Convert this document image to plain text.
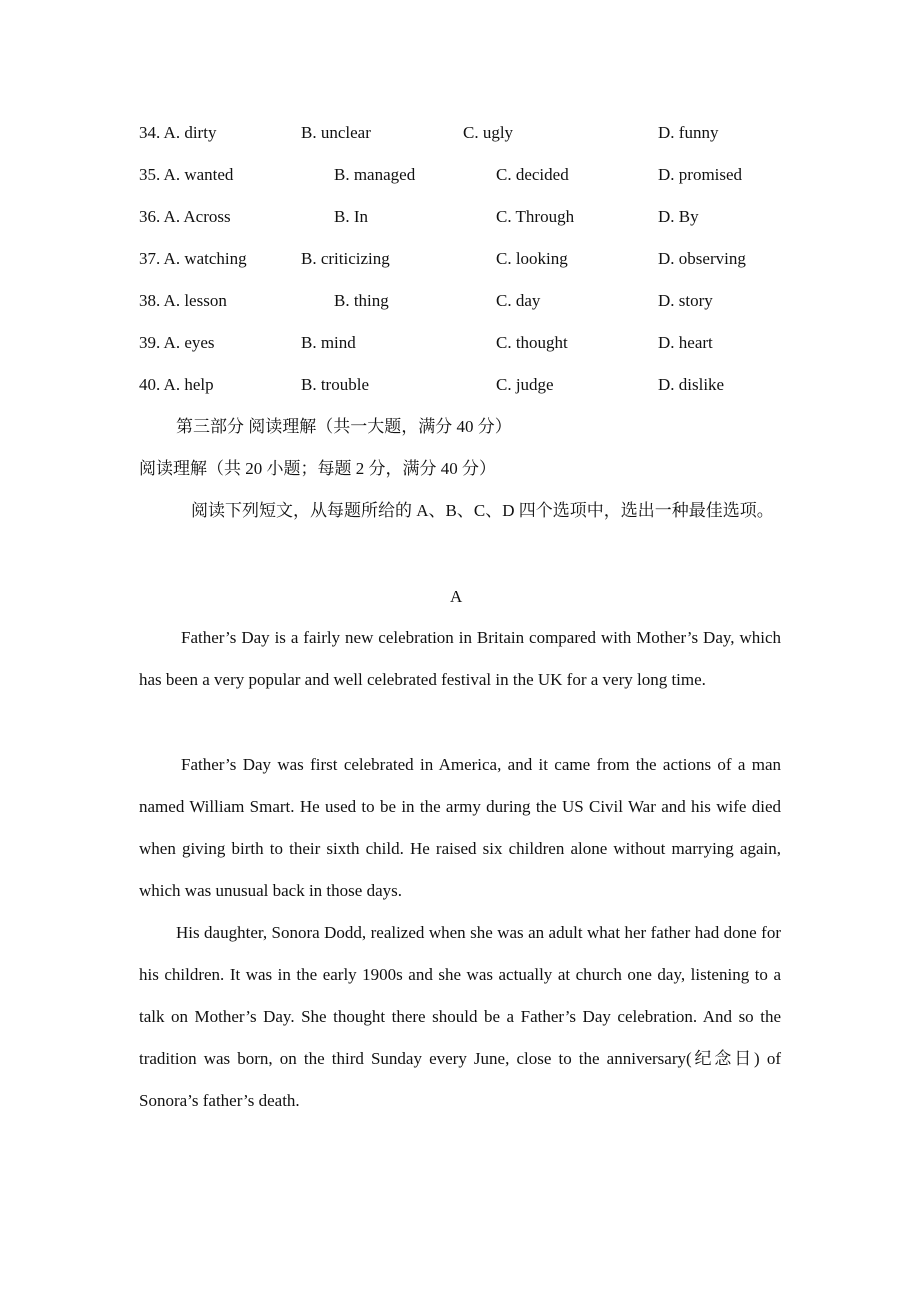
34. A. dirty	B. unclear	C. ugly	D. funny
35. A. wanted	B. managed	C. decided	D. promised
36. A. Across	B. In	C. Through	D. By
37. A. watching	B. criticizing	C. looking	D. observing
38. A. lesson	B. thing	C. day	D. story
39. A. eyes	B. mind	C. thought	D. heart
40. A. help	B. trouble	C. judge	D. dislike
第三部分 阅读理解（共一大题，满分 40 分）
阅读理解（共 20 小题；每题 2 分，满分 40 分）
阅读下列短文，从每题所给的 A、B、C、D 四个选项中，选出一种最佳选项。
A
Father’s Day is a fairly new celebration in Britain compared with Mother’s Day, which has been a very popular and well celebrated festival in the UK for a very long time.
Father’s Day was first celebrated in America, and it came from the actions of a man named William Smart. He used to be in the army during the US Civil War and his wife died when giving birth to their sixth child. He raised six children alone without marrying again, which was unusual back in those days.
His daughter, Sonora Dodd, realized when she was an adult what her father had done for his children. It was in the early 1900s and she was actually at church one day, listening to a talk on Mother’s Day. She thought there should be a Father’s Day celebration. And so the tradition was born, on the third Sunday every June, close to the anniversary(纪念日) of Sonora’s father’s death.
